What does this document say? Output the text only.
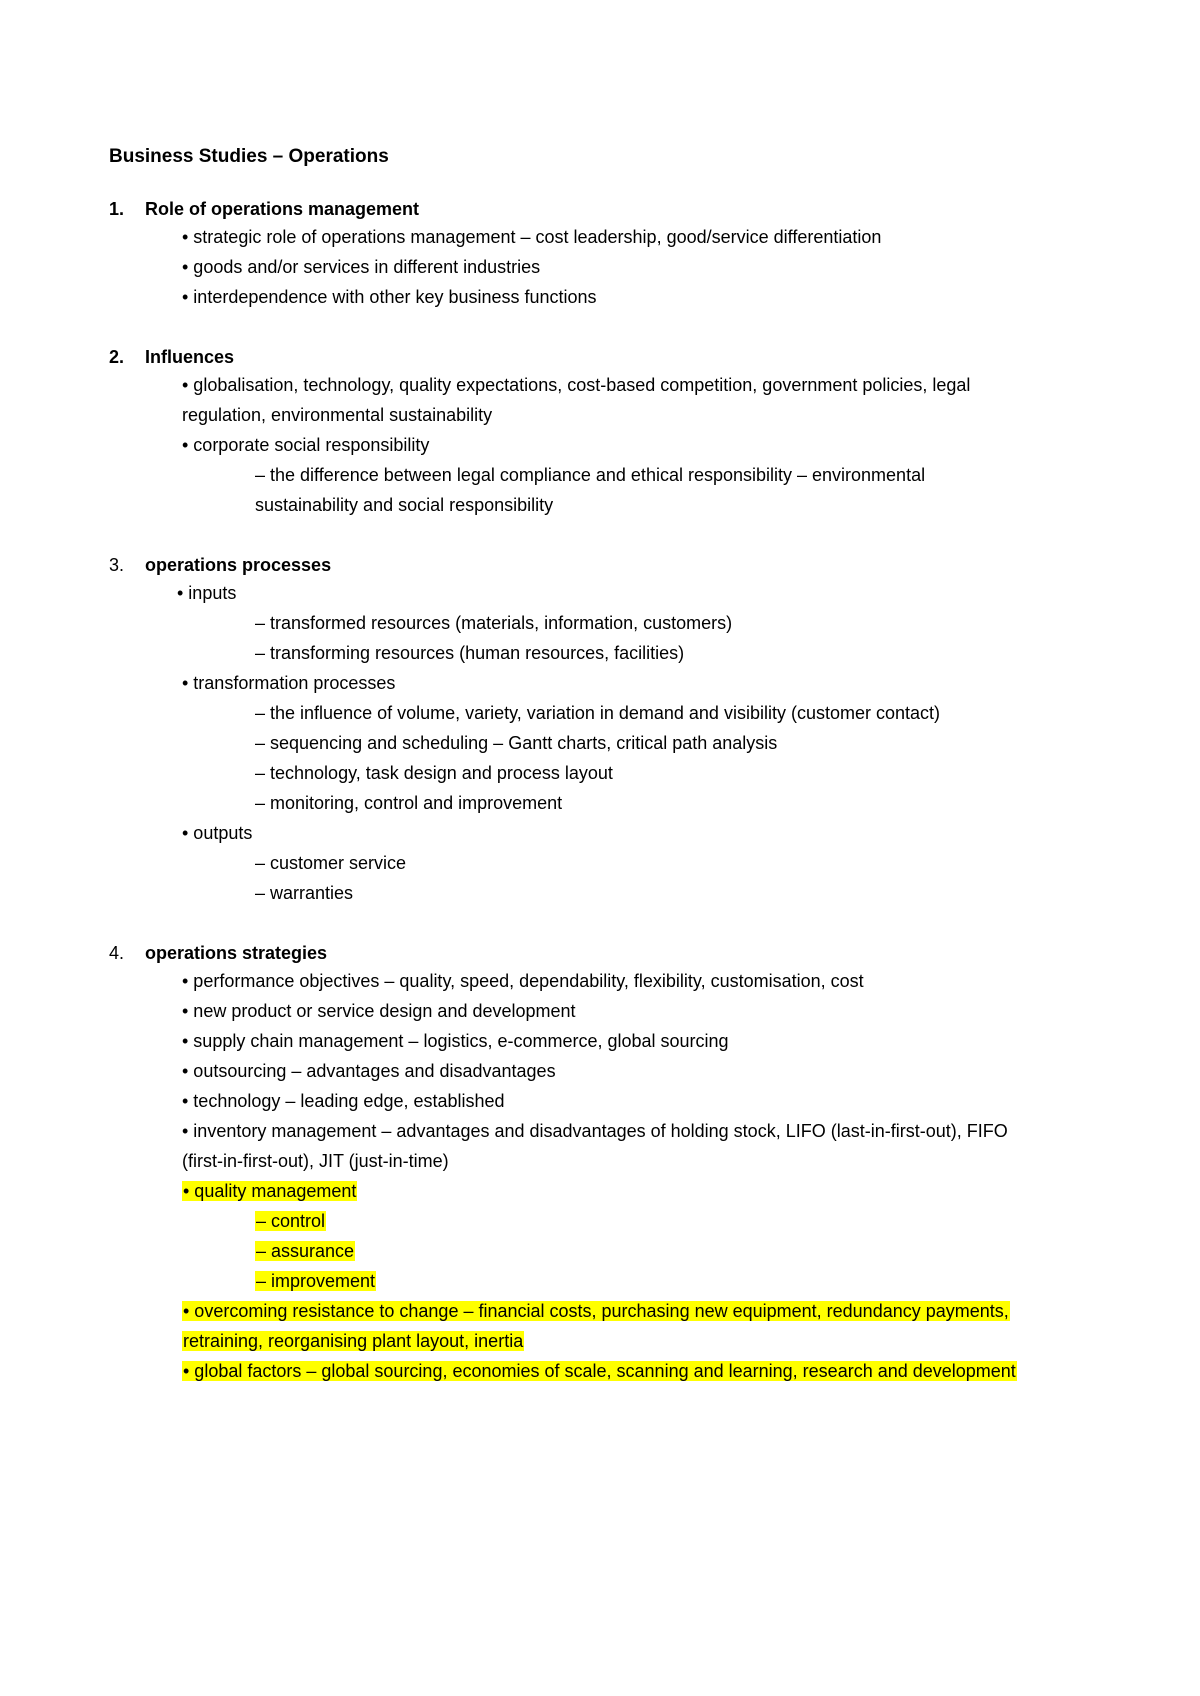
Business Studies – Operations
1. Role of operations management
• strategic role of operations management – cost leadership, good/service differentiation
• goods and/or services in different industries
• interdependence with other key business functions
2. Influences
• globalisation, technology, quality expectations, cost-based competition, government policies, legal
regulation, environmental sustainability
• corporate social responsibility
– the difference between legal compliance and ethical responsibility – environmental
sustainability and social responsibility
3. operations processes
• inputs
– transformed resources (materials, information, customers)
– transforming resources (human resources, facilities)
• transformation processes
– the influence of volume, variety, variation in demand and visibility (customer contact)
– sequencing and scheduling – Gantt charts, critical path analysis
– technology, task design and process layout
– monitoring, control and improvement
• outputs
– customer service
– warranties
4. operations strategies
• performance objectives – quality, speed, dependability, flexibility, customisation, cost
• new product or service design and development
• supply chain management – logistics, e-commerce, global sourcing
• outsourcing – advantages and disadvantages
• technology – leading edge, established
• inventory management – advantages and disadvantages of holding stock, LIFO (last-in-first-out), FIFO
(first-in-first-out), JIT (just-in-time)
• quality management
– control
– assurance
– improvement
• overcoming resistance to change – financial costs, purchasing new equipment, redundancy payments,
retraining, reorganising plant layout, inertia
• global factors – global sourcing, economies of scale, scanning and learning, research and development
